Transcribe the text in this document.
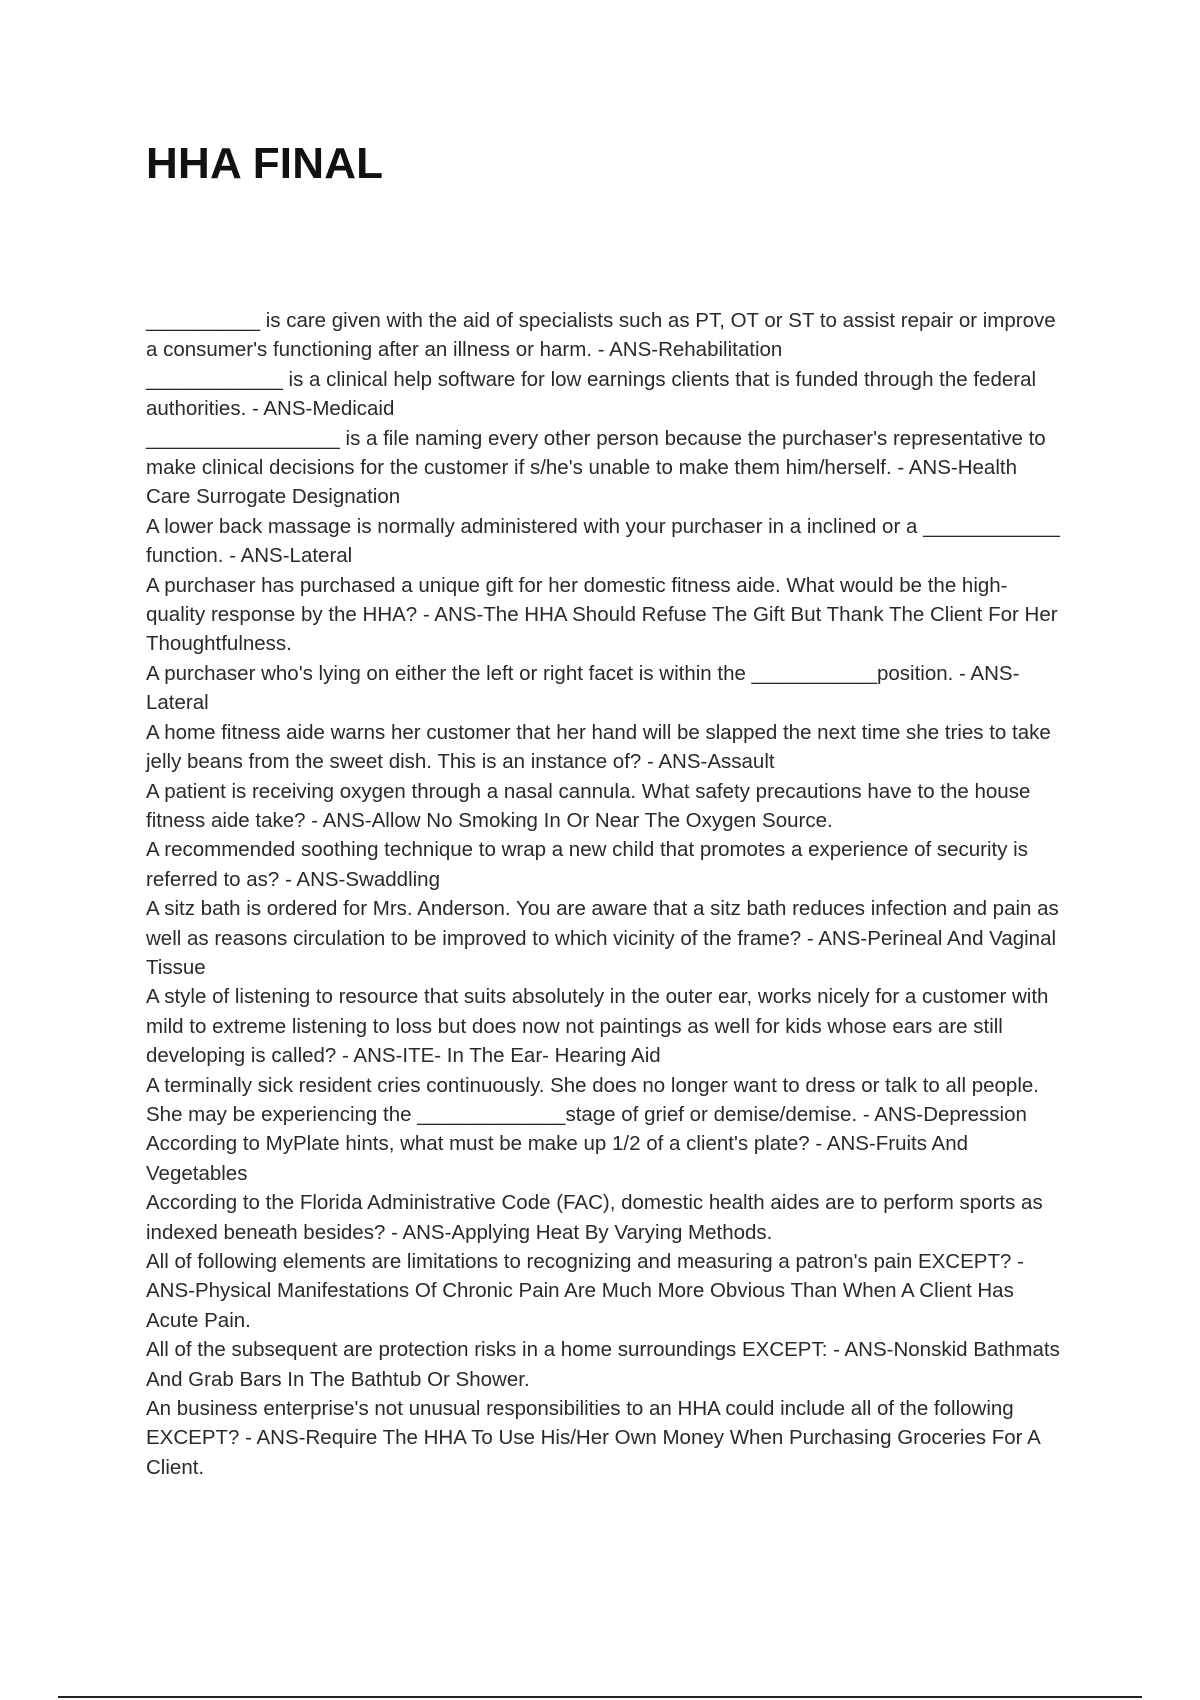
HHA FINAL

__________ is care given with the aid of specialists such as PT, OT or ST to assist repair or improve a consumer's functioning after an illness or harm. - ANS-Rehabilitation

____________ is a clinical help software for low earnings clients that is funded through the federal authorities. - ANS-Medicaid

_________________ is a file naming every other person because the purchaser's representative to make clinical decisions for the customer if s/he's unable to make them him/herself. - ANS-Health Care Surrogate Designation

A lower back massage is normally administered with your purchaser in a inclined or a ____________ function. - ANS-Lateral

A purchaser has purchased a unique gift for her domestic fitness aide. What would be the high-quality response by the HHA? - ANS-The HHA Should Refuse The Gift But Thank The Client For Her Thoughtfulness.

A purchaser who's lying on either the left or right facet is within the ___________position. - ANS-Lateral

A home fitness aide warns her customer that her hand will be slapped the next time she tries to take jelly beans from the sweet dish. This is an instance of? - ANS-Assault

A patient is receiving oxygen through a nasal cannula. What safety precautions have to the house fitness aide take? - ANS-Allow No Smoking In Or Near The Oxygen Source.

A recommended soothing technique to wrap a new child that promotes a experience of security is referred to as? - ANS-Swaddling

A sitz bath is ordered for Mrs. Anderson. You are aware that a sitz bath reduces infection and pain as well as reasons circulation to be improved to which vicinity of the frame? - ANS-Perineal And Vaginal Tissue

A style of listening to resource that suits absolutely in the outer ear, works nicely for a customer with mild to extreme listening to loss but does now not paintings as well for kids whose ears are still developing is called? - ANS-ITE- In The Ear- Hearing Aid

A terminally sick resident cries continuously. She does no longer want to dress or talk to all people. She may be experiencing the _____________stage of grief or demise/demise. - ANS-Depression

According to MyPlate hints, what must be make up 1/2 of a client's plate? - ANS-Fruits And Vegetables

According to the Florida Administrative Code (FAC), domestic health aides are to perform sports as indexed beneath besides? - ANS-Applying Heat By Varying Methods.

All of following elements are limitations to recognizing and measuring a patron's pain EXCEPT? - ANS-Physical Manifestations Of Chronic Pain Are Much More Obvious Than When A Client Has Acute Pain.

All of the subsequent are protection risks in a home surroundings EXCEPT: - ANS-Nonskid Bathmats And Grab Bars In The Bathtub Or Shower.

An business enterprise's not unusual responsibilities to an HHA could include all of the following EXCEPT? - ANS-Require The HHA To Use His/Her Own Money When Purchasing Groceries For A Client.
